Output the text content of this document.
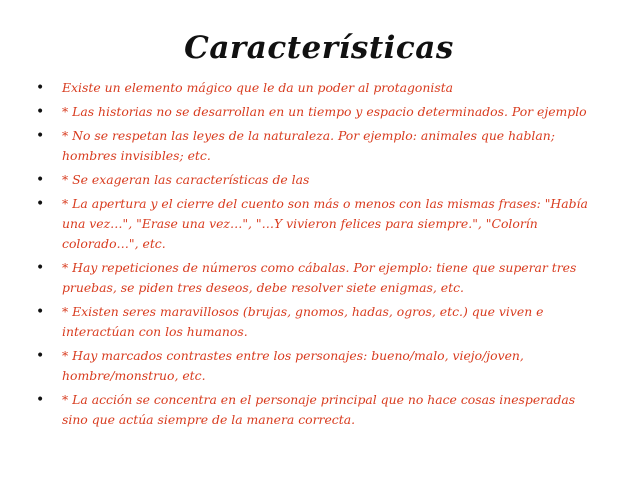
Características
• Existe un elemento mágico que le da un poder al protagonista
• * Las historias no se desarrollan en un tiempo y espacio determinados. Por ejemplo
• * No se respetan las leyes de la naturaleza. Por ejemplo: animales que hablan; hombres invisibles; etc.
• * Se exageran las características de las
• * La apertura y el cierre del cuento son más o menos con las mismas frases: "Había una vez…", "Erase una vez…", "…Y vivieron felices para siempre.", "Colorín colorado…", etc.
• * Hay repeticiones de números como cábalas. Por ejemplo: tiene que superar tres pruebas, se piden tres deseos, debe resolver siete enigmas, etc.
• * Existen seres maravillosos (brujas, gnomos, hadas, ogros, etc.) que viven e interactúan con los humanos.
• * Hay marcados contrastes entre los personajes: bueno/malo, viejo/joven, hombre/monstruo, etc.
• * La acción se concentra en el personaje principal que no hace cosas inesperadas sino que actúa siempre de la manera correcta.
